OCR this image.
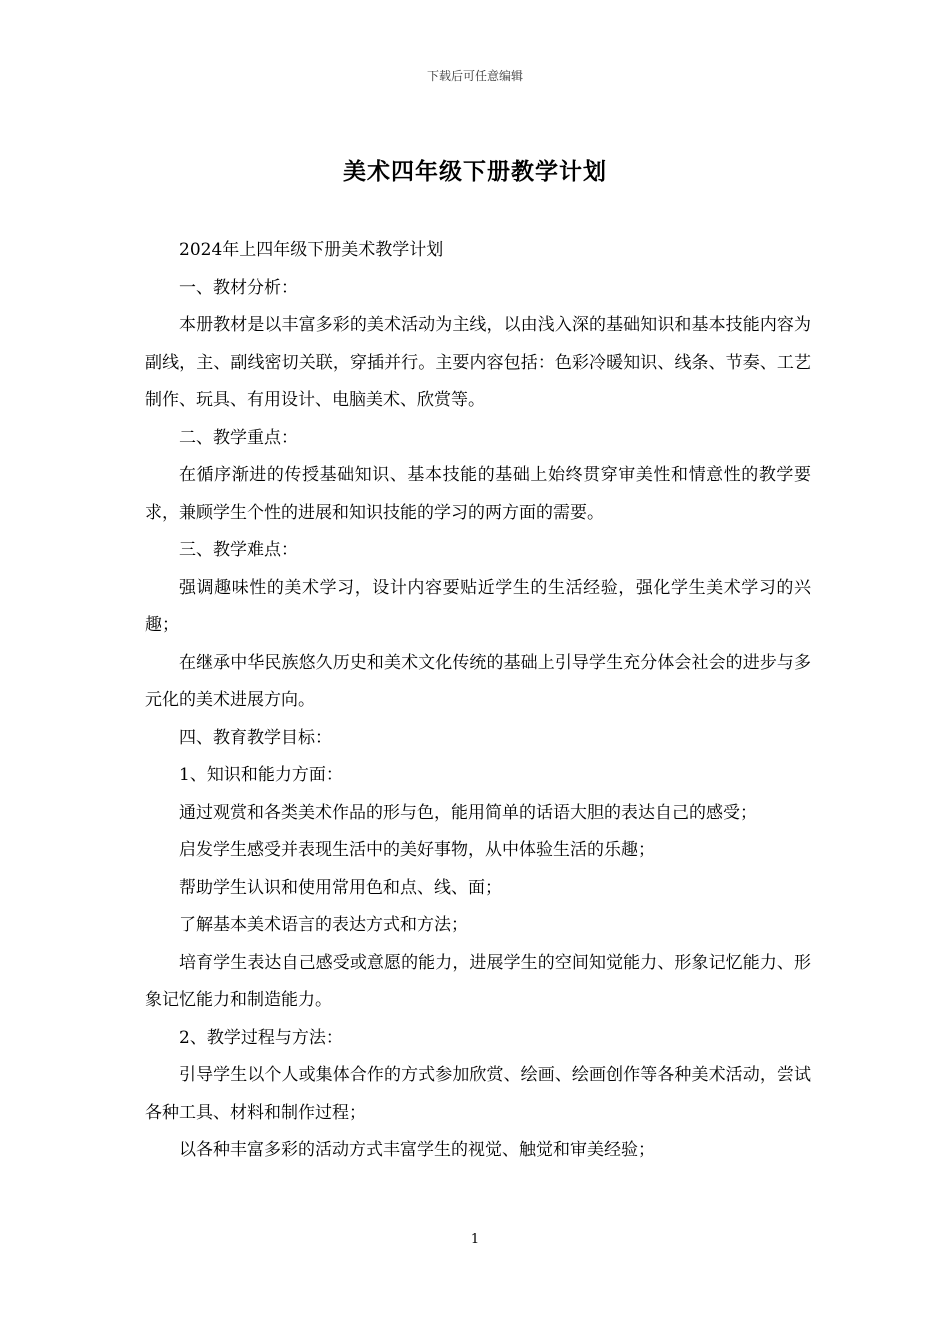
下载后可任意编辑
美术四年级下册教学计划

2024年上四年级下册美术教学计划

一、教材分析：

本册教材是以丰富多彩的美术活动为主线，以由浅入深的基础知识和基本技能内容为副线，主、副线密切关联，穿插并行。主要内容包括：色彩冷暖知识、线条、节奏、工艺制作、玩具、有用设计、电脑美术、欣赏等。

二、教学重点：

在循序渐进的传授基础知识、基本技能的基础上始终贯穿审美性和情意性的教学要求，兼顾学生个性的进展和知识技能的学习的两方面的需要。

三、教学难点：

强调趣味性的美术学习，设计内容要贴近学生的生活经验，强化学生美术学习的兴趣；

在继承中华民族悠久历史和美术文化传统的基础上引导学生充分体会社会的进步与多元化的美术进展方向。

四、教育教学目标：

1、知识和能力方面：

通过观赏和各类美术作品的形与色，能用简单的话语大胆的表达自己的感受；

启发学生感受并表现生活中的美好事物，从中体验生活的乐趣；

帮助学生认识和使用常用色和点、线、面；

了解基本美术语言的表达方式和方法；

培育学生表达自己感受或意愿的能力，进展学生的空间知觉能力、形象记忆能力、形象记忆能力和制造能力。

2、教学过程与方法：

引导学生以个人或集体合作的方式参加欣赏、绘画、绘画创作等各种美术活动，尝试各种工具、材料和制作过程；

以各种丰富多彩的活动方式丰富学生的视觉、触觉和审美经验；

1
